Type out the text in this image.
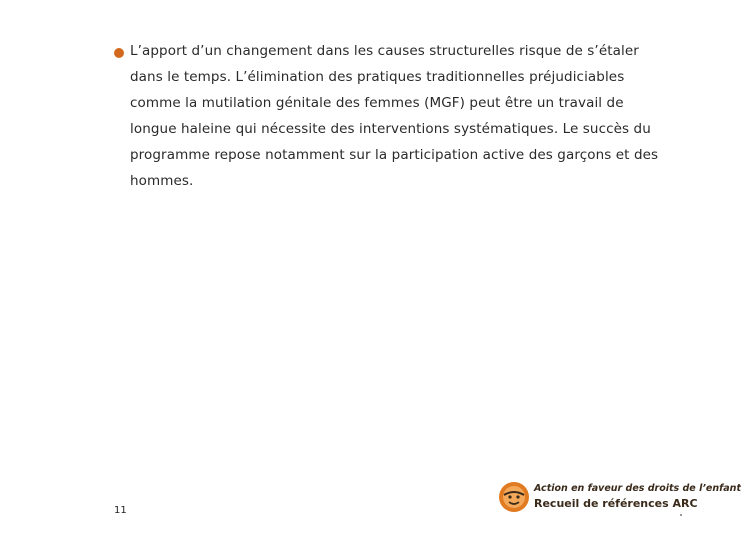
L’apport d’un changement dans les causes structurelles risque de s’étaler
dans le temps. L’élimination des pratiques traditionnelles préjudiciables
comme la mutilation génitale des femmes (MGF) peut être un travail de
longue haleine qui nécessite des interventions systématiques. Le succès du
programme repose notamment sur la participation active des garçons et des
hommes.

11
Action en faveur des droits de l’enfant
Recueil de références ARC
